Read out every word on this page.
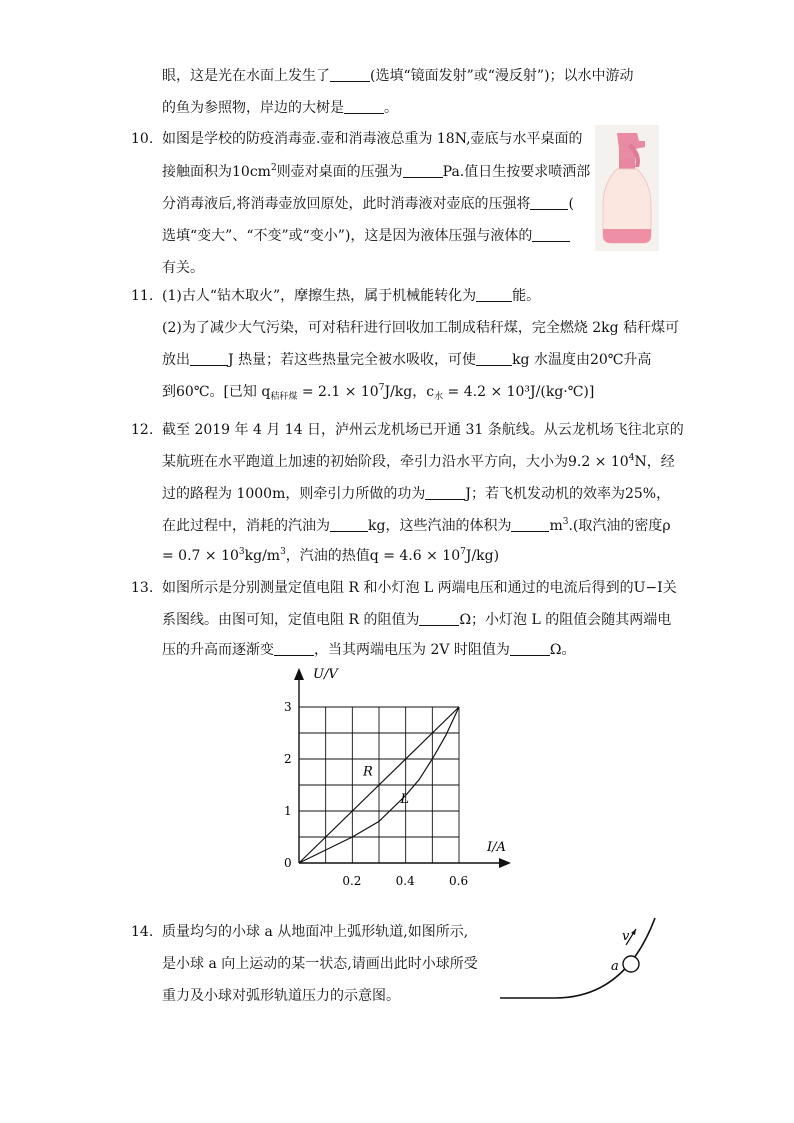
眼，这是光在水面上发生了	(选填“镜面发射”或“漫反射”)；以水中游动
的鱼为参照物，岸边的大树是	。
10. 如图是学校的防疫消毒壶.壶和消毒液总重为 18N,壶底与水平桌面的
接触面积为$10cm^2$则壶对桌面的压强为	Pa.值日生按要求喷洒部
分消毒液后,将消毒壶放回原处，此时消毒液对壶底的压强将	(
选填“变大”、“不变”或“变小”)，这是因为液体压强与液体的
有关。
11. (1)古人“钻木取火”，摩擦生热，属于机械能转化为	能。
(2)为了减少大气污染，可对秸秆进行回收加工制成秸秆煤，完全燃烧 2kg 秸秆煤可
放出	J 热量；若这些热量完全被水吸收，可使	kg 水温度由20℃升高
到60℃。[已知 $q_{秸秆煤} = 2.1 \times 10^7J/kg$，$c_水 = 4.2$ × 10³J/(kg·℃)]
12. 截至 2019 年 4 月 14 日，泸州云龙机场已开通 31 条航线。从云龙机场飞往北京的
某航班在水平跑道上加速的初始阶段，牵引力沿水平方向，大小为$9.2 \times 10^4N$，经
过的路程为 1000m，则牵引力所做的功为	J；若飞机发动机的效率为25%，
在此过程中，消耗的汽油为	kg，这些汽油的体积为	$m^3$.(取汽油的密度ρ
= $0.7 \times 10^3kg/m^3$，汽油的热值$q = 4.6 \times 10^7J/kg$)
13. 如图所示是分别测量定值电阻 R 和小灯泡 L 两端电压和通过的电流后得到的U−I关
系图线。由图可知，定值电阻 R 的阻值为	Ω；小灯泡 L 的阻值会随其两端电
压的升高而逐渐变	，当其两端电压为 2V 时阻值为	Ω。
R
L
0.2	0.4	0.6
0
1
2
3
U/V
I/A
14. 质量均匀的小球 a 从地面冲上弧形轨道,如图所示,
是小球 a 向上运动的某一状态,请画出此时小球所受
重力及小球对弧形轨道压力的示意图。
v
a
